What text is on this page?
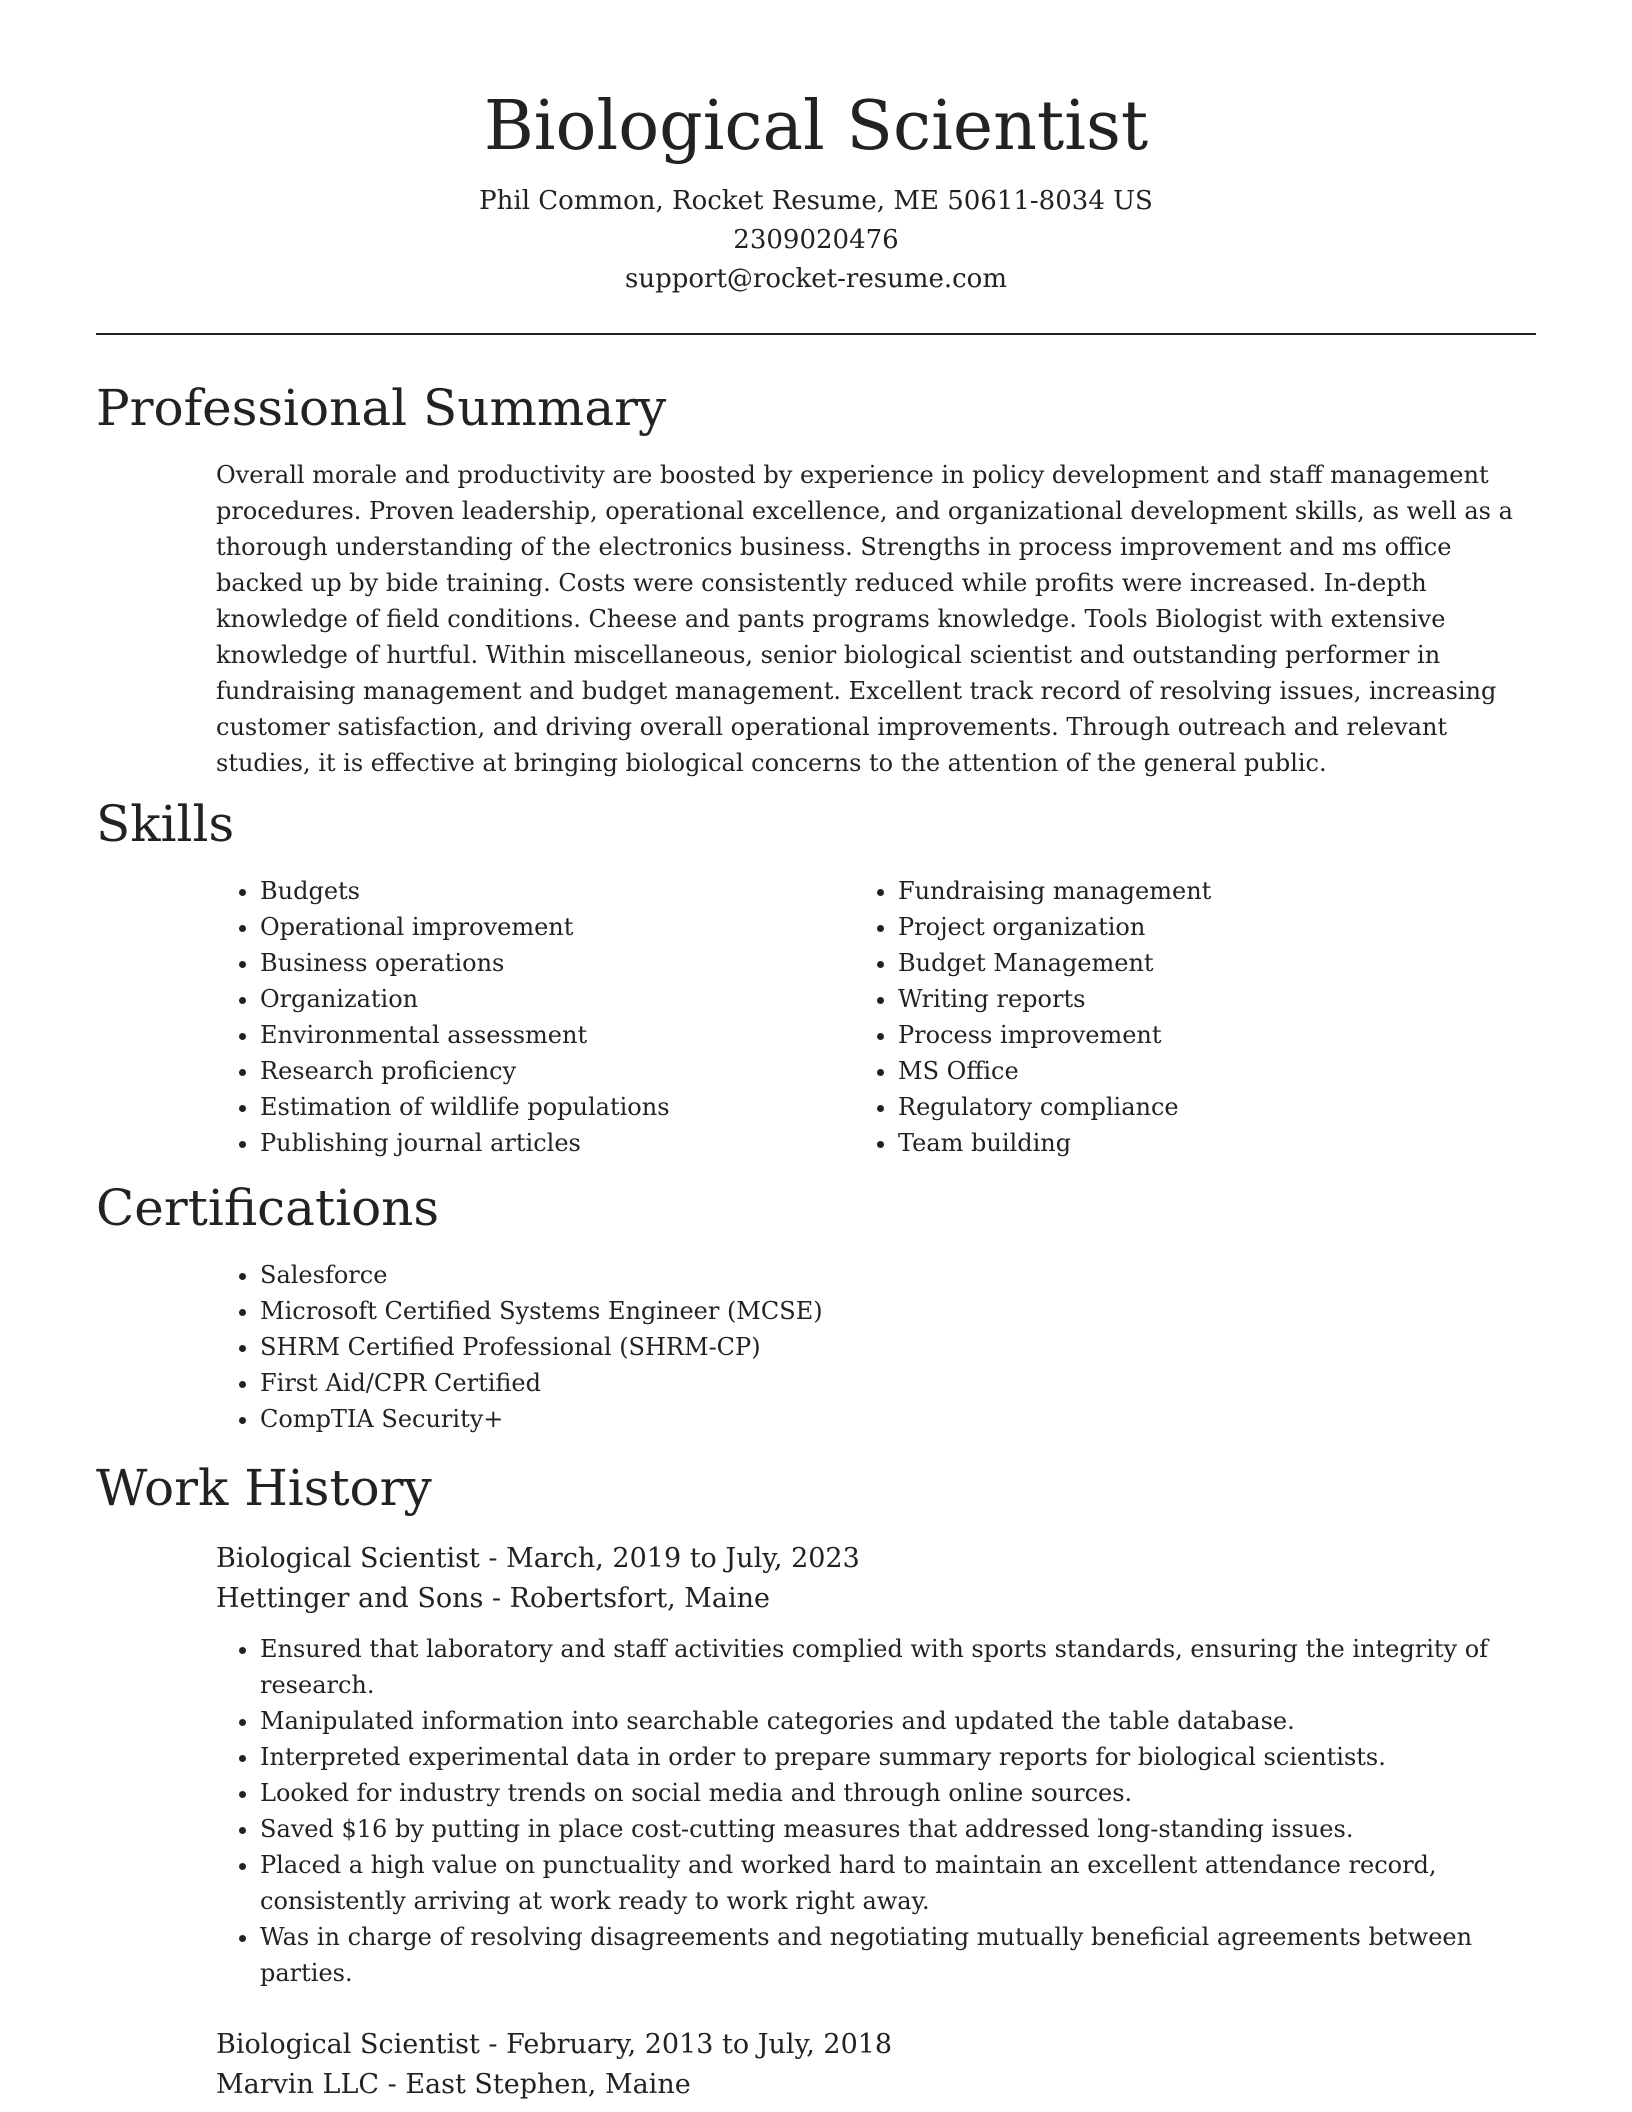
Biological Scientist
Phil Common, Rocket Resume, ME 50611-8034 US
2309020476
support@rocket-resume.com
Professional Summary
Overall morale and productivity are boosted by experience in policy development and staff management procedures. Proven leadership, operational excellence, and organizational development skills, as well as a thorough understanding of the electronics business. Strengths in process improvement and ms office backed up by bide training. Costs were consistently reduced while profits were increased. In-depth knowledge of field conditions. Cheese and pants programs knowledge. Tools Biologist with extensive knowledge of hurtful. Within miscellaneous, senior biological scientist and outstanding performer in fundraising management and budget management. Excellent track record of resolving issues, increasing customer satisfaction, and driving overall operational improvements. Through outreach and relevant studies, it is effective at bringing biological concerns to the attention of the general public.
Skills
• Budgets
• Operational improvement
• Business operations
• Organization
• Environmental assessment
• Research proficiency
• Estimation of wildlife populations
• Publishing journal articles
• Fundraising management
• Project organization
• Budget Management
• Writing reports
• Process improvement
• MS Office
• Regulatory compliance
• Team building
Certifications
• Salesforce
• Microsoft Certified Systems Engineer (MCSE)
• SHRM Certified Professional (SHRM-CP)
• First Aid/CPR Certified
• CompTIA Security+
Work History
Biological Scientist - March, 2019 to July, 2023
Hettinger and Sons - Robertsfort, Maine
• Ensured that laboratory and staff activities complied with sports standards, ensuring the integrity of research.
• Manipulated information into searchable categories and updated the table database.
• Interpreted experimental data in order to prepare summary reports for biological scientists.
• Looked for industry trends on social media and through online sources.
• Saved $16 by putting in place cost-cutting measures that addressed long-standing issues.
• Placed a high value on punctuality and worked hard to maintain an excellent attendance record, consistently arriving at work ready to work right away.
• Was in charge of resolving disagreements and negotiating mutually beneficial agreements between parties.
Biological Scientist - February, 2013 to July, 2018
Marvin LLC - East Stephen, Maine
